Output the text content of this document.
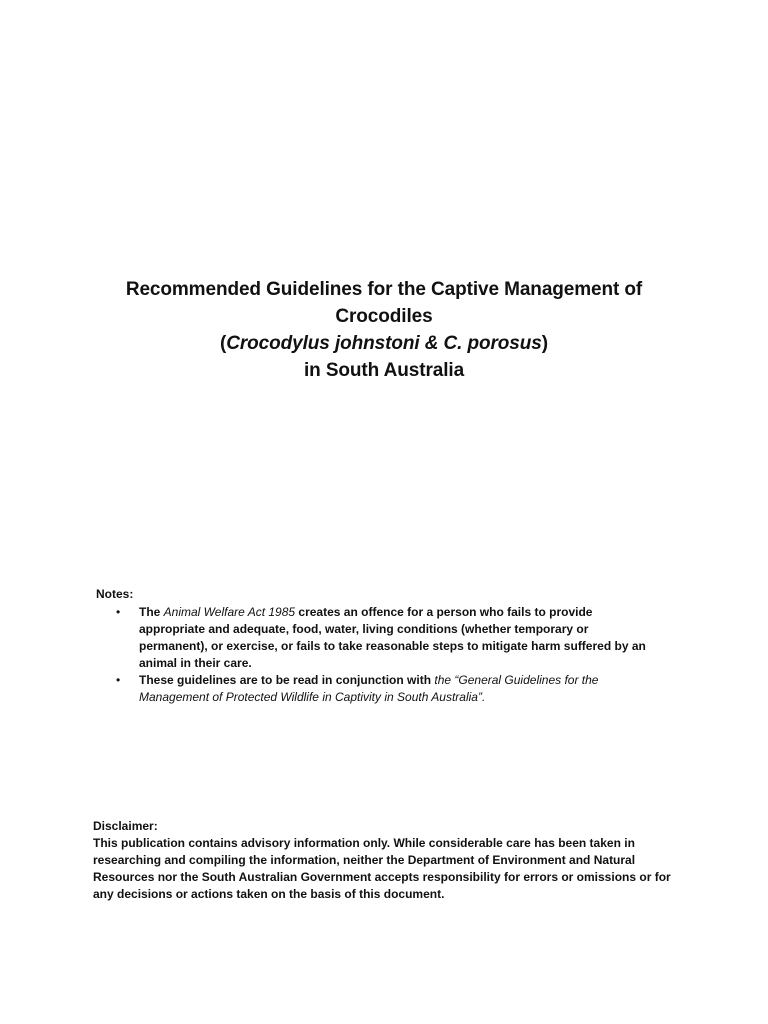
Recommended Guidelines for the Captive Management of
Crocodiles
(Crocodylus johnstoni & C. porosus)
in South Australia
Notes:
• The Animal Welfare Act 1985 creates an offence for a person who fails to provide appropriate and adequate, food, water, living conditions (whether temporary or permanent), or exercise, or fails to take reasonable steps to mitigate harm suffered by an animal in their care.
• These guidelines are to be read in conjunction with the “General Guidelines for the Management of Protected Wildlife in Captivity in South Australia”.
Disclaimer:
This publication contains advisory information only. While considerable care has been taken in researching and compiling the information, neither the Department of Environment and Natural Resources nor the South Australian Government accepts responsibility for errors or omissions or for any decisions or actions taken on the basis of this document.
